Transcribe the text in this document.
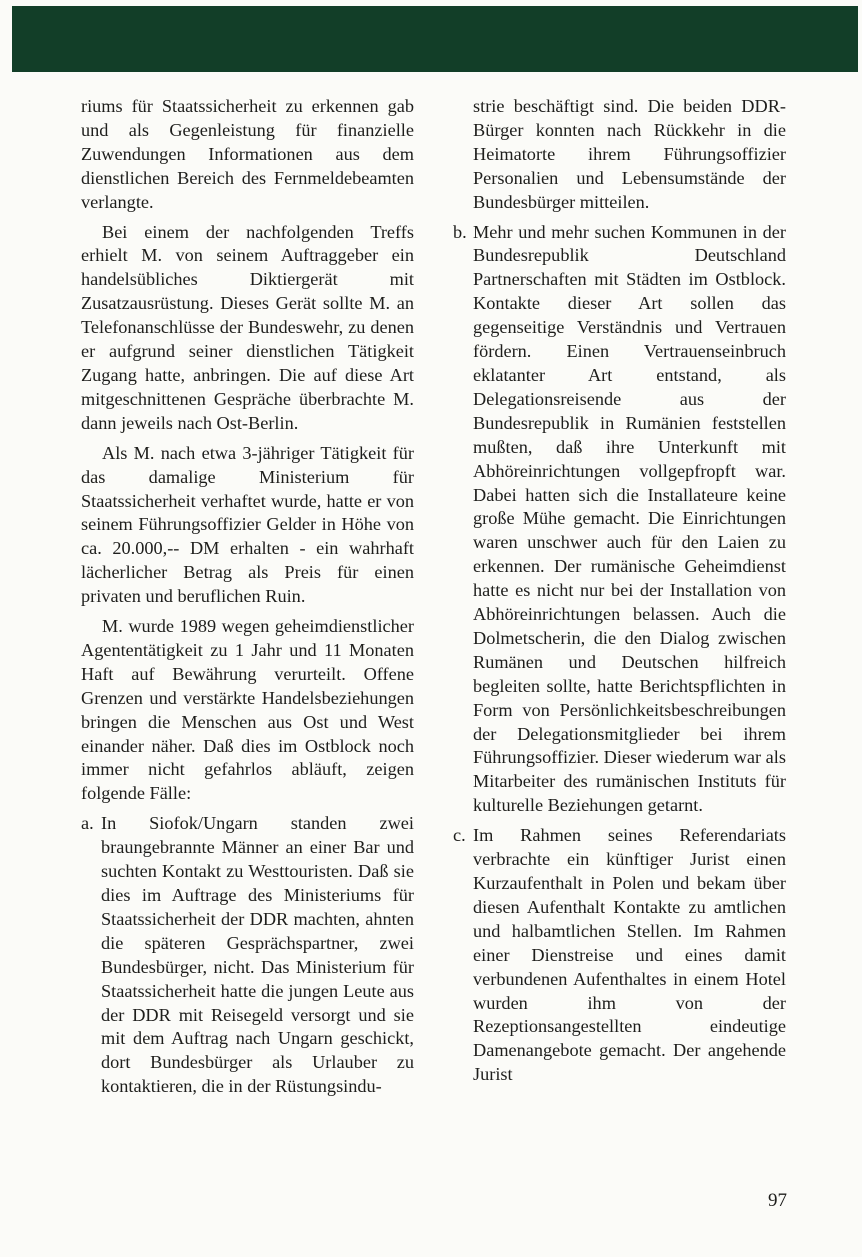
riums für Staatssicherheit zu erkennen gab und als Gegenleistung für finanzielle Zuwendungen Informationen aus dem dienstlichen Bereich des Fernmeldebeamten verlangte.

Bei einem der nachfolgenden Treffs erhielt M. von seinem Auftraggeber ein handelsübliches Diktiergerät mit Zusatzausrüstung. Dieses Gerät sollte M. an Telefonanschlüsse der Bundeswehr, zu denen er aufgrund seiner dienstlichen Tätigkeit Zugang hatte, anbringen. Die auf diese Art mitgeschnittenen Gespräche überbrachte M. dann jeweils nach Ost-Berlin.

Als M. nach etwa 3-jähriger Tätigkeit für das damalige Ministerium für Staatssicherheit verhaftet wurde, hatte er von seinem Führungsoffizier Gelder in Höhe von ca. 20.000,-- DM erhalten - ein wahrhaft lächerlicher Betrag als Preis für einen privaten und beruflichen Ruin.

M. wurde 1989 wegen geheimdienstlicher Agententätigkeit zu 1 Jahr und 11 Monaten Haft auf Bewährung verurteilt. Offene Grenzen und verstärkte Handelsbeziehungen bringen die Menschen aus Ost und West einander näher. Daß dies im Ostblock noch immer nicht gefahrlos abläuft, zeigen folgende Fälle:

a. In Siofok/Ungarn standen zwei braungebrannte Männer an einer Bar und suchten Kontakt zu Westtouristen. Daß sie dies im Auftrage des Ministeriums für Staatssicherheit der DDR machten, ahnten die späteren Gesprächspartner, zwei Bundesbürger, nicht. Das Ministerium für Staatssicherheit hatte die jungen Leute aus der DDR mit Reisegeld versorgt und sie mit dem Auftrag nach Ungarn geschickt, dort Bundesbürger als Urlauber zu kontaktieren, die in der Rüstungsindu-
strie beschäftigt sind. Die beiden DDR-Bürger konnten nach Rückkehr in die Heimatorte ihrem Führungsoffizier Personalien und Lebensumstände der Bundesbürger mitteilen.
b. Mehr und mehr suchen Kommunen in der Bundesrepublik Deutschland Partnerschaften mit Städten im Ostblock. Kontakte dieser Art sollen das gegenseitige Verständnis und Vertrauen fördern. Einen Vertrauenseinbruch eklatanter Art entstand, als Delegationsreisende aus der Bundesrepublik in Rumänien feststellen mußten, daß ihre Unterkunft mit Abhöreinrichtungen vollgepfropft war. Dabei hatten sich die Installateure keine große Mühe gemacht. Die Einrichtungen waren unschwer auch für den Laien zu erkennen. Der rumänische Geheimdienst hatte es nicht nur bei der Installation von Abhöreinrichtungen belassen. Auch die Dolmetscherin, die den Dialog zwischen Rumänen und Deutschen hilfreich begleiten sollte, hatte Berichtspflichten in Form von Persönlichkeitsbeschreibungen der Delegationsmitglieder bei ihrem Führungsoffizier. Dieser wiederum war als Mitarbeiter des rumänischen Instituts für kulturelle Beziehungen getarnt.
c. Im Rahmen seines Referendariats verbrachte ein künftiger Jurist einen Kurzaufenthalt in Polen und bekam über diesen Aufenthalt Kontakte zu amtlichen und halbamtlichen Stellen. Im Rahmen einer Dienstreise und eines damit verbundenen Aufenthaltes in einem Hotel wurden ihm von der Rezeptionsangestellten eindeutige Damenangebote gemacht. Der angehende Jurist
97
